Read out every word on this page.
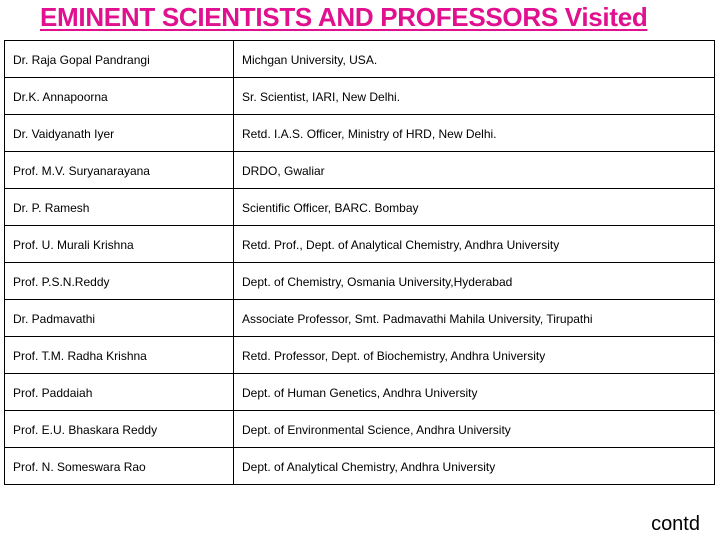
EMINENT SCIENTISTS AND PROFESSORS Visited
Dr. Raja Gopal Pandrangi	Michgan University, USA.
Dr.K. Annapoorna	Sr. Scientist, IARI, New Delhi.
Dr. Vaidyanath Iyer	Retd. I.A.S. Officer, Ministry of HRD, New Delhi.
Prof. M.V. Suryanarayana	DRDO, Gwaliar
Dr. P. Ramesh	Scientific Officer, BARC. Bombay
Prof. U. Murali Krishna	Retd. Prof., Dept. of Analytical Chemistry, Andhra University
Prof. P.S.N.Reddy	Dept. of Chemistry, Osmania University,Hyderabad
Dr. Padmavathi	Associate Professor, Smt. Padmavathi Mahila University, Tirupathi
Prof. T.M. Radha Krishna	Retd. Professor, Dept. of Biochemistry, Andhra University
Prof. Paddaiah	Dept. of Human Genetics, Andhra University
Prof. E.U. Bhaskara Reddy	Dept. of Environmental Science, Andhra University
Prof. N. Someswara Rao	Dept. of Analytical Chemistry, Andhra University
contd
